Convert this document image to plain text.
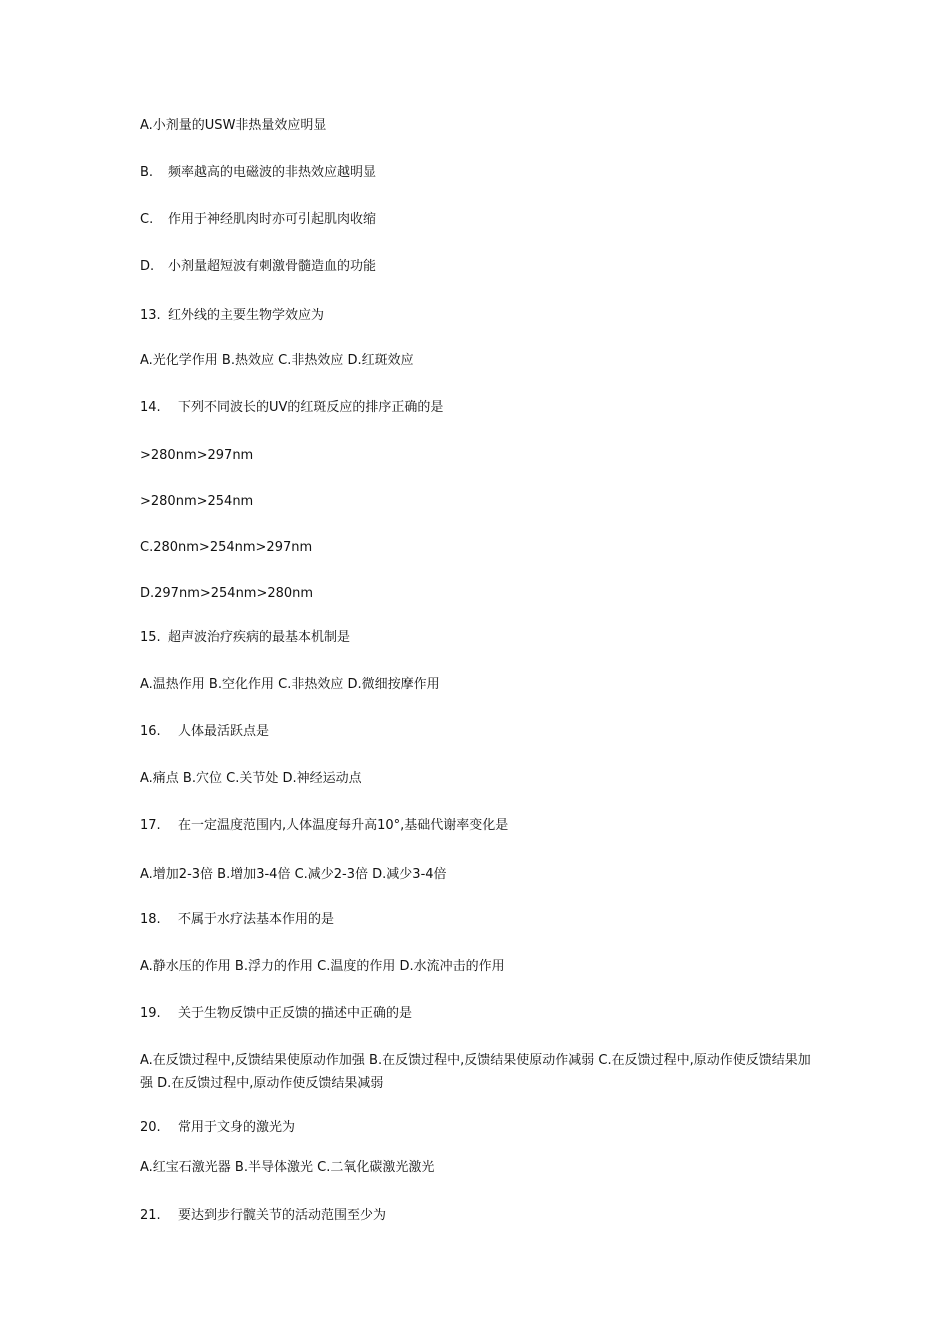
A.小剂量的USW非热量效应明显
B. 频率越高的电磁波的非热效应越明显
C. 作用于神经肌肉时亦可引起肌肉收缩
D. 小剂量超短波有刺激骨髓造血的功能
13. 红外线的主要生物学效应为
A.光化学作用 B.热效应 C.非热效应 D.红斑效应
14. 下列不同波长的UV的红斑反应的排序正确的是
>280nm>297nm
>280nm>254nm
C.280nm>254nm>297nm
D.297nm>254nm>280nm
15. 超声波治疗疾病的最基本机制是
A.温热作用 B.空化作用 C.非热效应 D.微细按摩作用
16. 人体最活跃点是
A.痛点 B.穴位 C.关节处 D.神经运动点
17. 在一定温度范围内,人体温度每升高10°,基础代谢率变化是
A.增加2-3倍 B.增加3-4倍 C.减少2-3倍 D.减少3-4倍
18. 不属于水疗法基本作用的是
A.静水压的作用 B.浮力的作用 C.温度的作用 D.水流冲击的作用
19. 关于生物反馈中正反馈的描述中正确的是
A.在反馈过程中,反馈结果使原动作加强 B.在反馈过程中,反馈结果使原动作减弱 C.在反馈过程中,原动作使反馈结果加强 D.在反馈过程中,原动作使反馈结果减弱
20. 常用于文身的激光为
A.红宝石激光器 B.半导体激光 C.二氧化碳激光激光
21. 要达到步行髋关节的活动范围至少为
